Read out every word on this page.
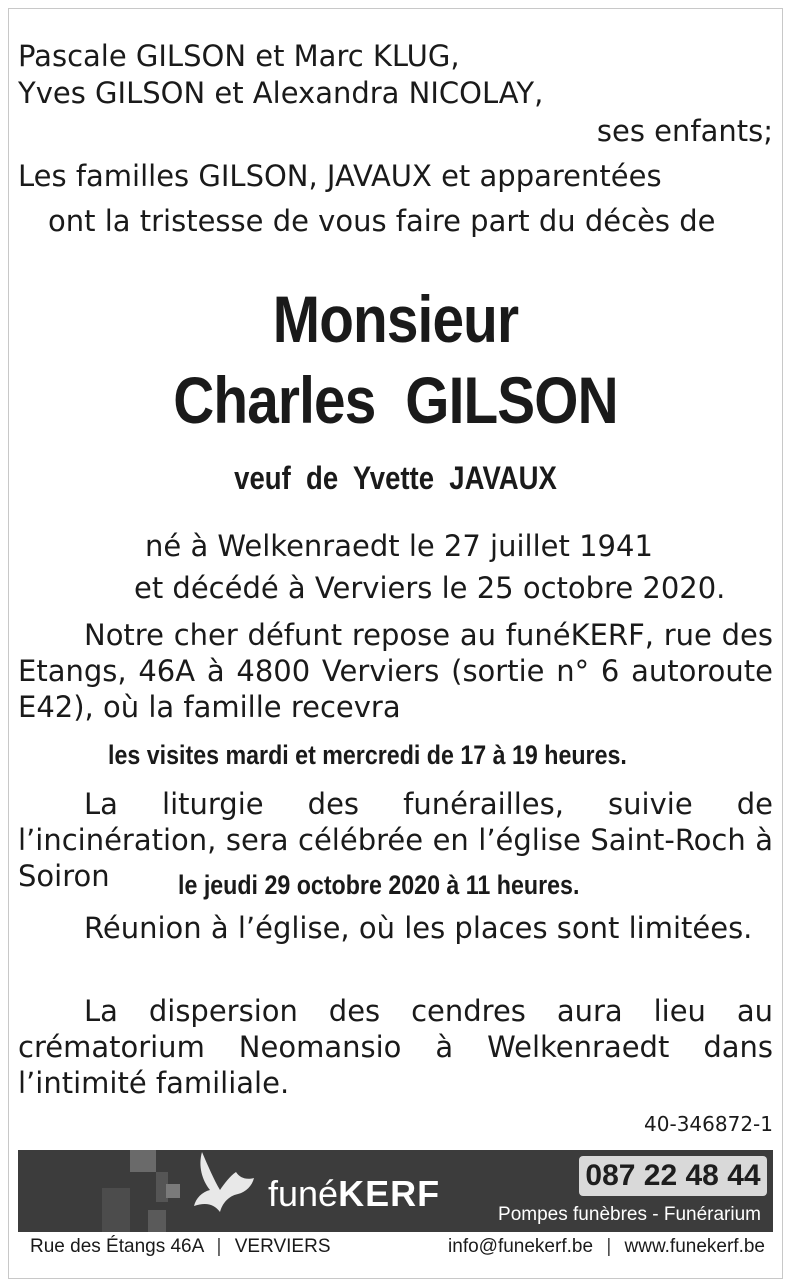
Pascale GILSON et Marc KLUG,
Yves GILSON et Alexandra NICOLAY,
ses enfants;
Les familles GILSON, JAVAUX et apparentées
ont la tristesse de vous faire part du décès de
Monsieur
Charles  GILSON
veuf  de  Yvette  JAVAUX
né à Welkenraedt le 27 juillet 1941
et décédé à Verviers le 25 octobre 2020.
Notre cher défunt repose au funéKERF, rue des Etangs, 46A à 4800 Verviers (sortie n° 6 autoroute E42), où la famille recevra
les visites mardi et mercredi de 17 à 19 heures.
La liturgie des funérailles, suivie de l’incinération, sera célébrée en l’église Saint-Roch à Soiron	le jeudi 29 octobre 2020 à 11 heures.
Réunion à l’église, où les places sont limitées.
La dispersion des cendres aura lieu au crématorium Neomansio à Welkenraedt dans l’intimité familiale.
40-346872-1
funéKERF	087 22 48 44
Pompes funèbres - Funérarium
Rue des Étangs 46A | VERVIERS	info@funekerf.be | www.funekerf.be
